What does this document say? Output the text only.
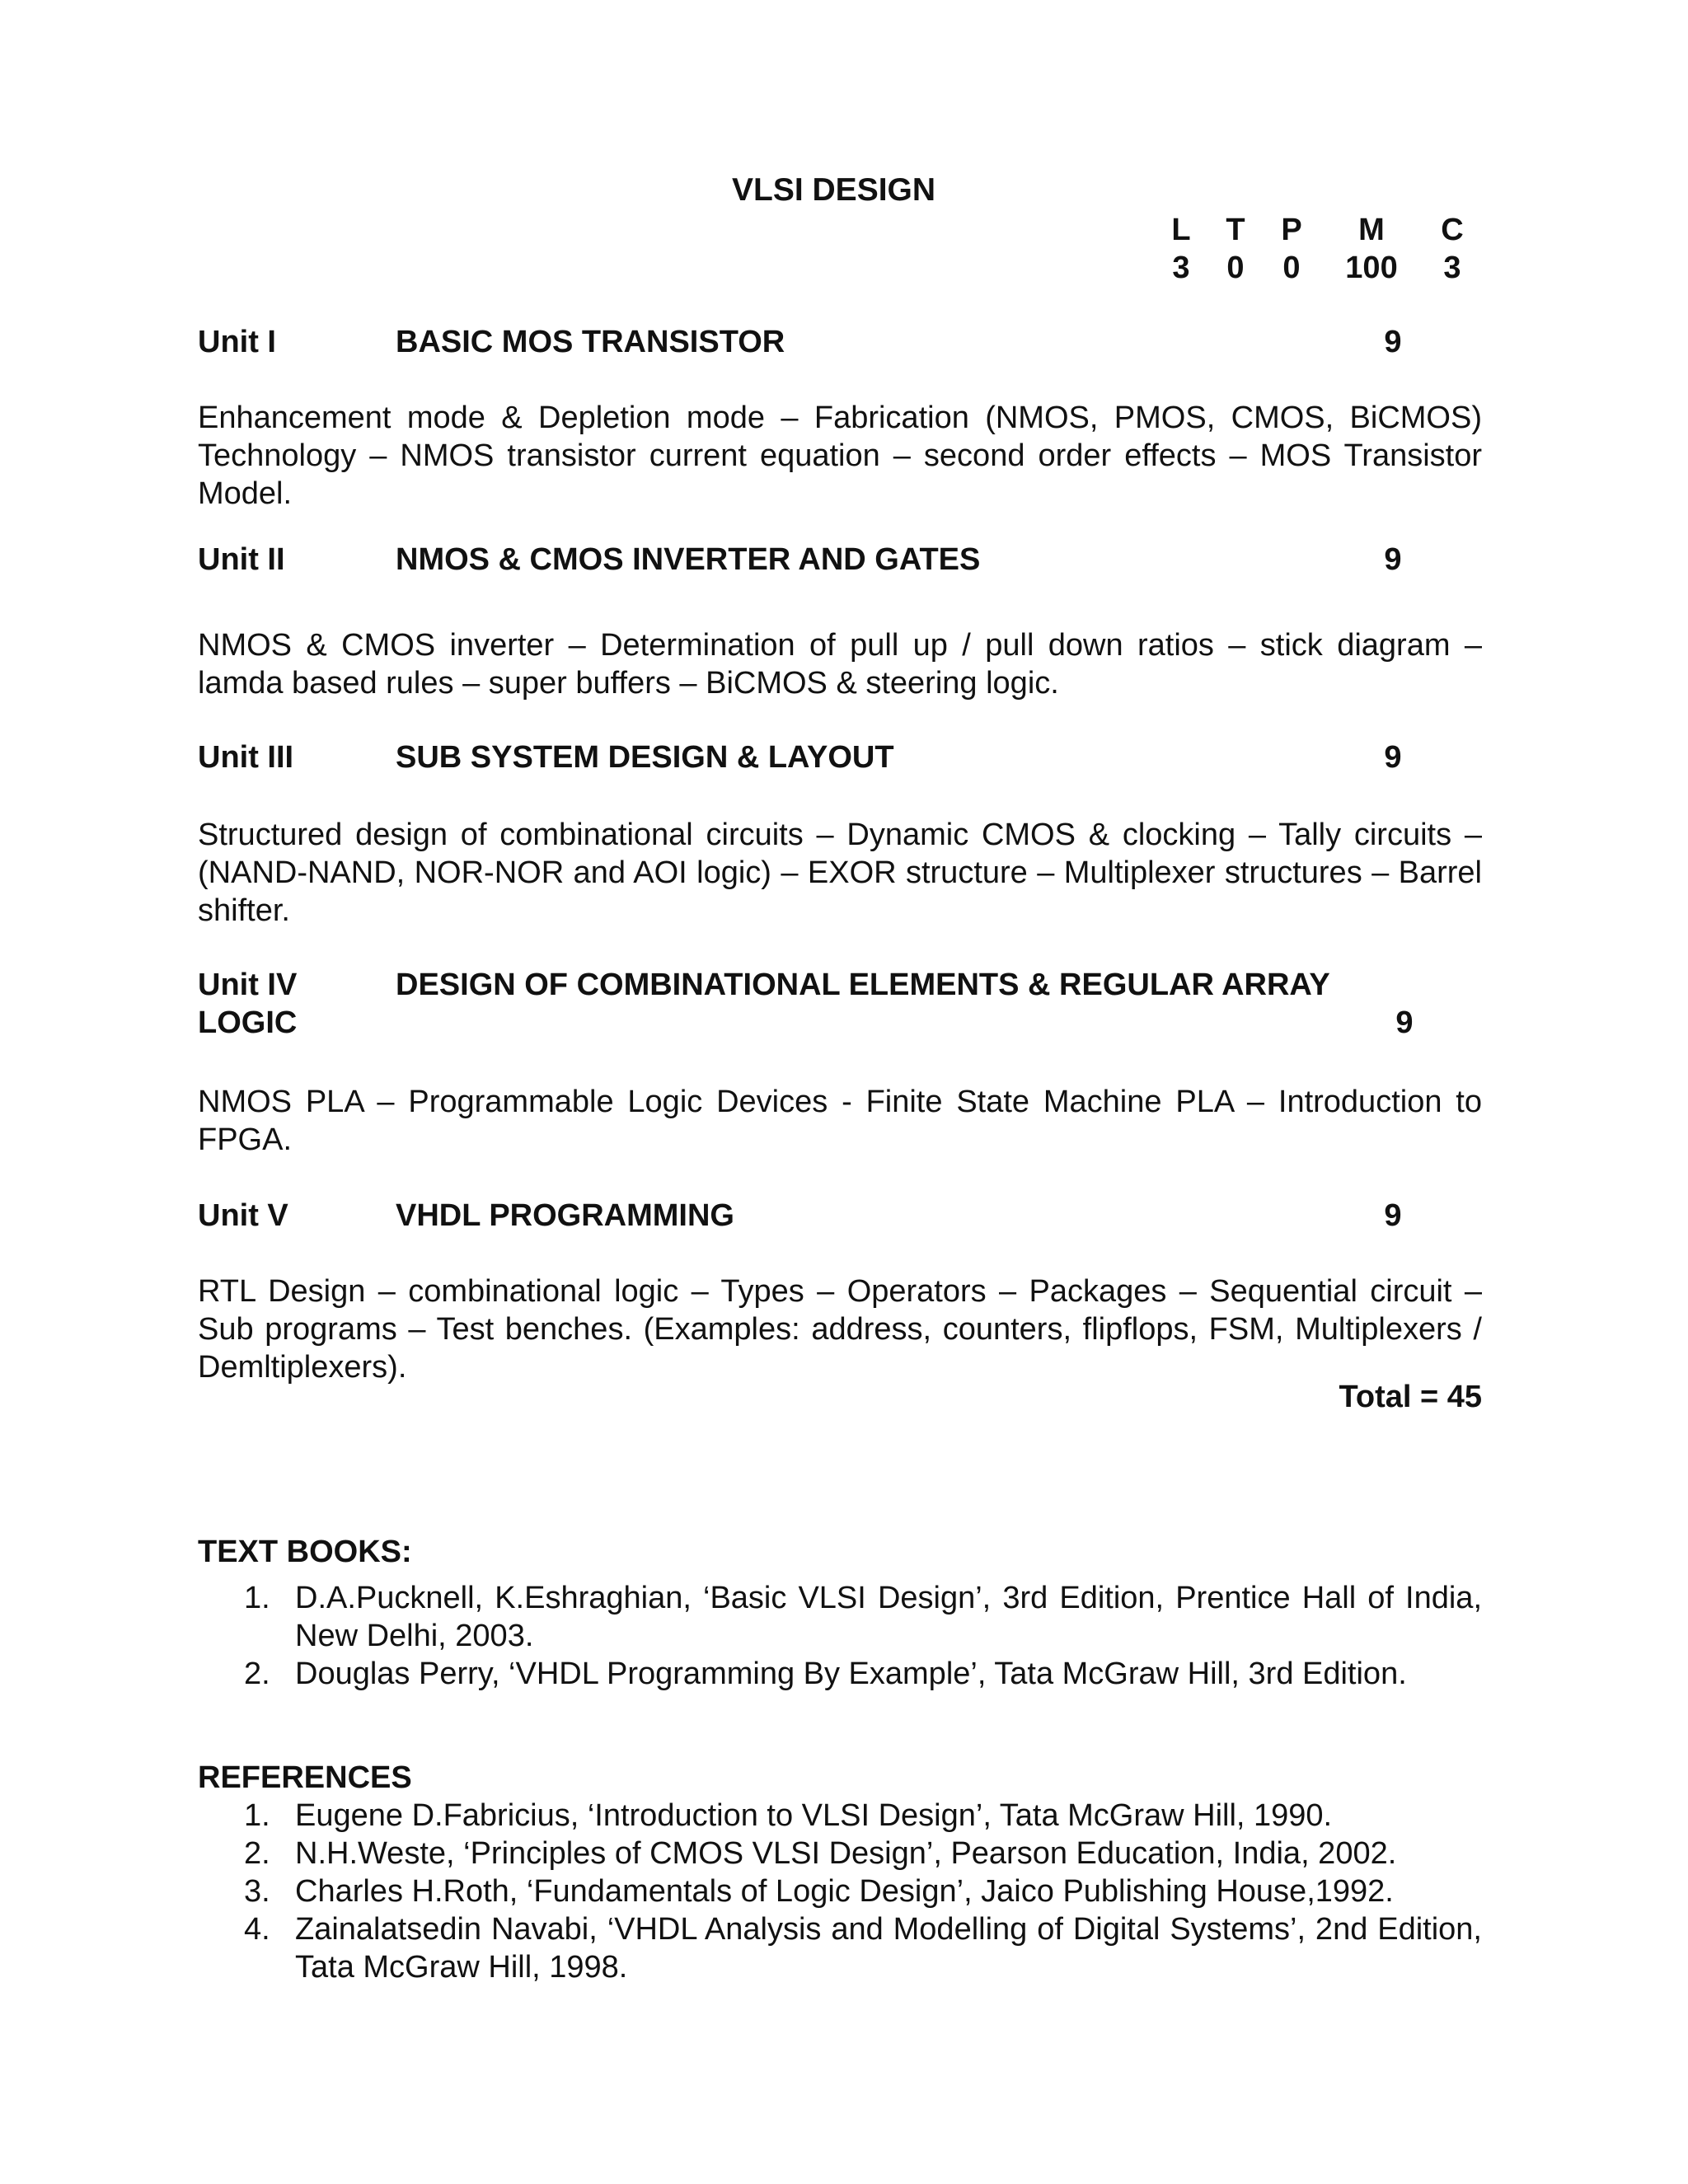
VLSI DESIGN
L T P	M	C
3	0	0	100	3
Unit I	BASIC MOS TRANSISTOR	9
Enhancement mode & Depletion mode – Fabrication (NMOS, PMOS, CMOS, BiCMOS) Technology – NMOS transistor current equation – second order effects – MOS Transistor Model.
Unit II	NMOS & CMOS INVERTER AND GATES	9
NMOS & CMOS inverter – Determination of pull up / pull down ratios – stick diagram – lamda based rules – super buffers – BiCMOS & steering logic.
Unit III	SUB SYSTEM DESIGN & LAYOUT	9
Structured design of combinational circuits – Dynamic CMOS & clocking – Tally circuits – (NAND-NAND, NOR-NOR and AOI logic) – EXOR structure – Multiplexer structures – Barrel shifter.
Unit IV	DESIGN OF COMBINATIONAL ELEMENTS & REGULAR ARRAY
LOGIC	9
NMOS PLA – Programmable Logic Devices - Finite State Machine PLA – Introduction to FPGA.
Unit V	VHDL PROGRAMMING	9
RTL Design – combinational logic – Types – Operators – Packages – Sequential circuit – Sub programs – Test benches. (Examples: address, counters, flipflops, FSM, Multiplexers / Demltiplexers).
Total = 45
TEXT BOOKS:
1. D.A.Pucknell, K.Eshraghian, ‘Basic VLSI Design’, 3rd Edition, Prentice Hall of India, New Delhi, 2003.
2. Douglas Perry, ‘VHDL Programming By Example’, Tata McGraw Hill, 3rd Edition.
REFERENCES
1. Eugene D.Fabricius, ‘Introduction to VLSI Design’, Tata McGraw Hill, 1990.
2. N.H.Weste, ‘Principles of CMOS VLSI Design’, Pearson Education, India, 2002.
3. Charles H.Roth, ‘Fundamentals of Logic Design’, Jaico Publishing House,1992.
4. Zainalatsedin Navabi, ‘VHDL Analysis and Modelling of Digital Systems’, 2nd Edition, Tata McGraw Hill, 1998.
